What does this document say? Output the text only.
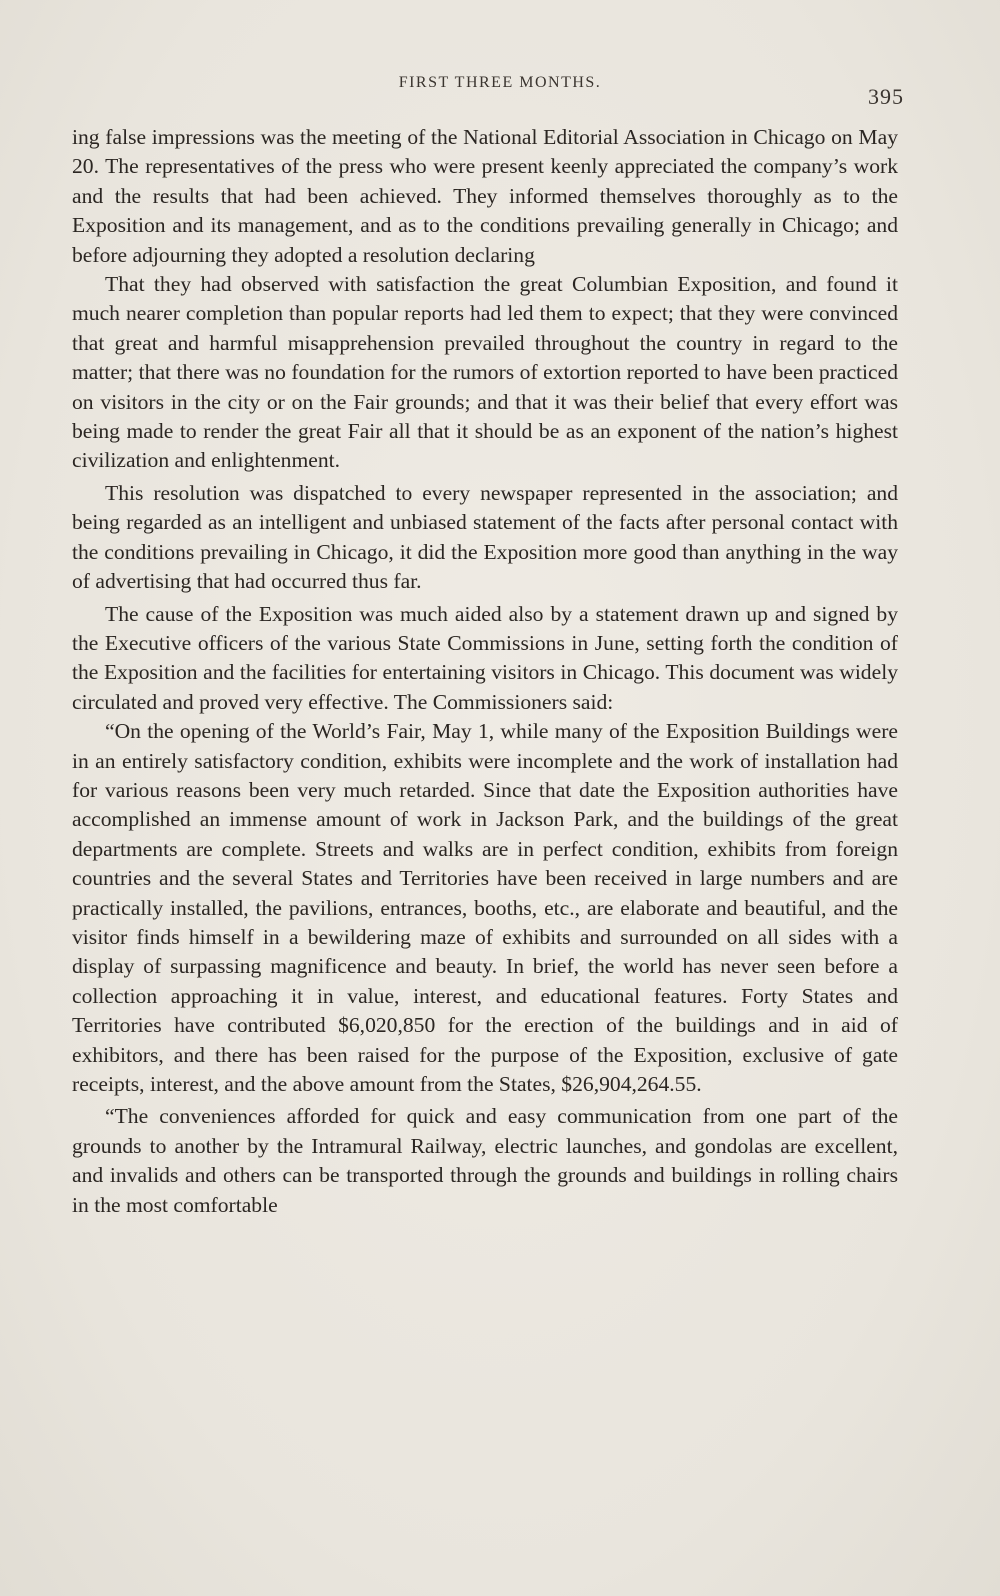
FIRST THREE MONTHS.
395

ing false impressions was the meeting of the National Editorial Association in Chicago on May 20. The representatives of the press who were present keenly appreciated the company’s work and the results that had been achieved. They informed themselves thoroughly as to the Exposition and its management, and as to the conditions prevailing generally in Chicago; and before adjourning they adopted a resolution declaring

That they had observed with satisfaction the great Columbian Exposition, and found it much nearer completion than popular reports had led them to expect; that they were convinced that great and harmful misapprehension prevailed throughout the country in regard to the matter; that there was no foundation for the rumors of extortion reported to have been practiced on visitors in the city or on the Fair grounds; and that it was their belief that every effort was being made to render the great Fair all that it should be as an exponent of the nation’s highest civilization and enlightenment.

This resolution was dispatched to every newspaper represented in the association; and being regarded as an intelligent and unbiased statement of the facts after personal contact with the conditions prevailing in Chicago, it did the Exposition more good than anything in the way of advertising that had occurred thus far.

The cause of the Exposition was much aided also by a statement drawn up and signed by the Executive officers of the various State Commissions in June, setting forth the condition of the Exposition and the facilities for entertaining visitors in Chicago. This document was widely circulated and proved very effective. The Commissioners said:

“On the opening of the World’s Fair, May 1, while many of the Exposition Buildings were in an entirely satisfactory condition, exhibits were incomplete and the work of installation had for various reasons been very much retarded. Since that date the Exposition authorities have accomplished an immense amount of work in Jackson Park, and the buildings of the great departments are complete. Streets and walks are in perfect condition, exhibits from foreign countries and the several States and Territories have been received in large numbers and are practically installed, the pavilions, entrances, booths, etc., are elaborate and beautiful, and the visitor finds himself in a bewildering maze of exhibits and surrounded on all sides with a display of surpassing magnificence and beauty. In brief, the world has never seen before a collection approaching it in value, interest, and educational features. Forty States and Territories have contributed $6,020,850 for the erection of the buildings and in aid of exhibitors, and there has been raised for the purpose of the Exposition, exclusive of gate receipts, interest, and the above amount from the States, $26,904,264.55.

“The conveniences afforded for quick and easy communication from one part of the grounds to another by the Intramural Railway, electric launches, and gondolas are excellent, and invalids and others can be transported through the grounds and buildings in rolling chairs in the most comfortable
